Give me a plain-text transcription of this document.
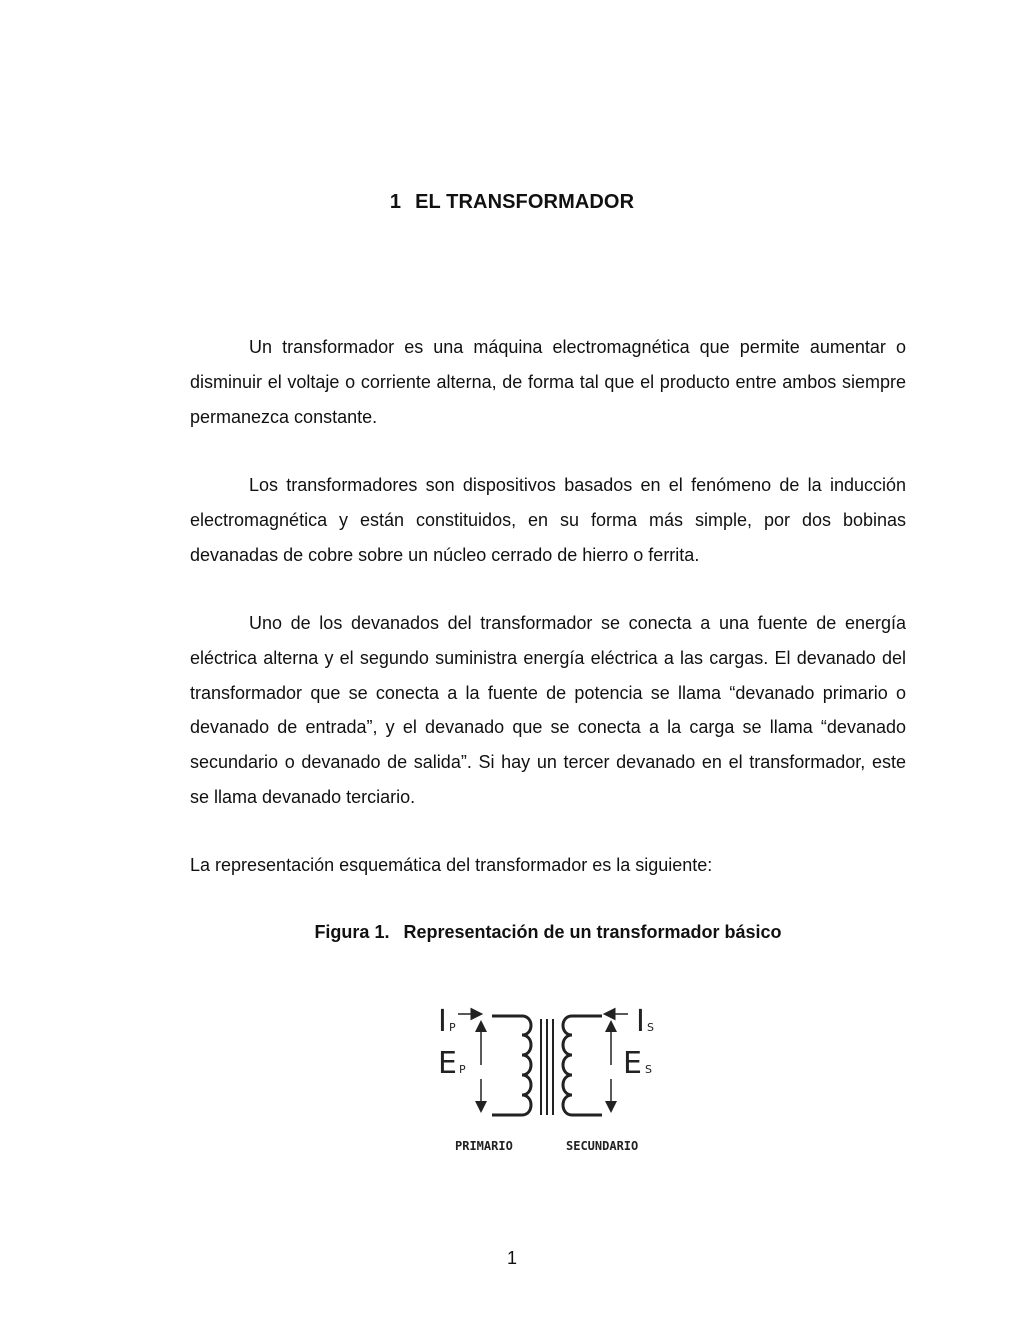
1 EL TRANSFORMADOR

Un transformador es una máquina electromagnética que permite aumentar o disminuir el voltaje o corriente alterna, de forma tal que el producto entre ambos siempre permanezca constante.

Los transformadores son dispositivos basados en el fenómeno de la inducción electromagnética y están constituidos, en su forma más simple, por dos bobinas devanadas de cobre sobre un núcleo cerrado de hierro o ferrita.

Uno de los devanados del transformador se conecta a una fuente de energía eléctrica alterna y el segundo suministra energía eléctrica a las cargas. El devanado del transformador que se conecta a la fuente de potencia se llama “devanado primario o devanado de entrada”, y el devanado que se conecta a la carga se llama “devanado secundario o devanado de salida”. Si hay un tercer devanado en el transformador, este se llama devanado terciario.

La representación esquemática del transformador es la siguiente:

Figura 1. Representación de un transformador básico
I P
E P
I S
E S
PRIMARIO	SECUNDARIO
1
